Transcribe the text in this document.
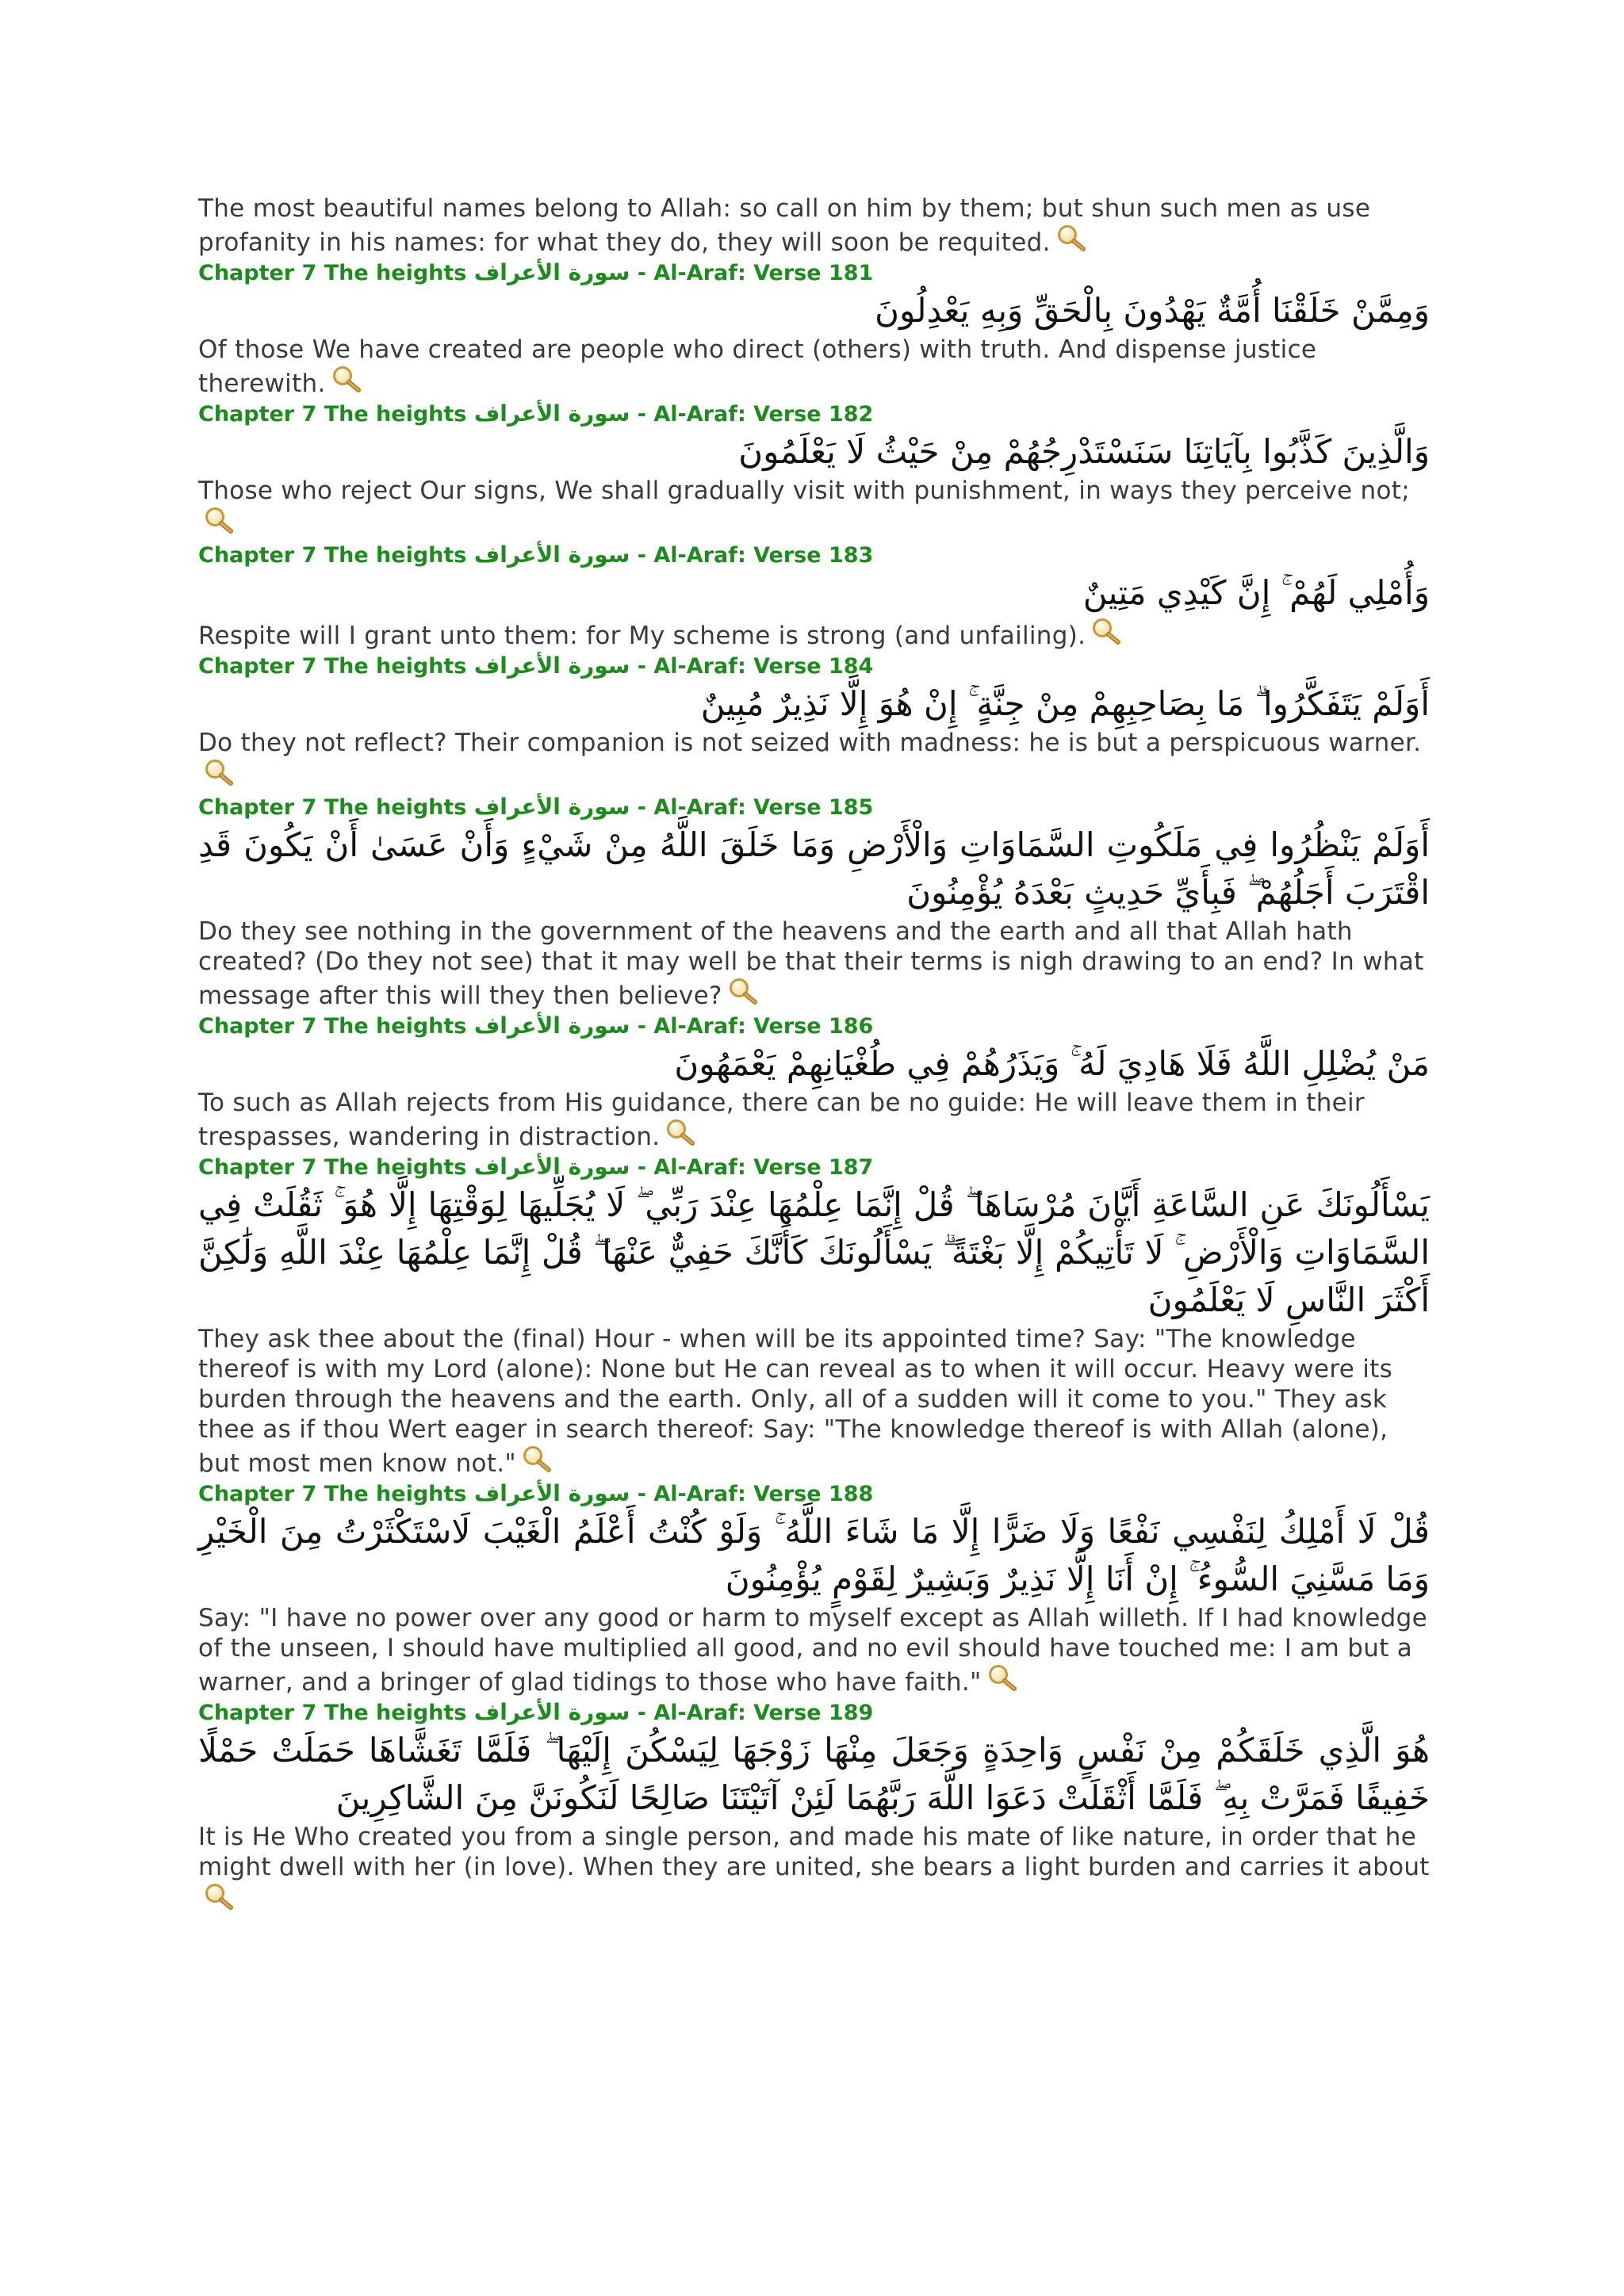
The most beautiful names belong to Allah: so call on him by them; but shun such men as use profanity in his names: for what they do, they will soon be requited.

Chapter 7 The heights سورة الأعراف - Al-Araf: Verse 181

وَمِمَّنْ خَلَقْنَا أُمَّةٌ يَهْدُونَ بِالْحَقِّ وَبِهِ يَعْدِلُونَ

Of those We have created are people who direct (others) with truth. And dispense justice therewith.

Chapter 7 The heights سورة الأعراف - Al-Araf: Verse 182

وَالَّذِينَ كَذَّبُوا بِآيَاتِنَا سَنَسْتَدْرِجُهُمْ مِنْ حَيْثُ لَا يَعْلَمُونَ

Those who reject Our signs, We shall gradually visit with punishment, in ways they perceive not;

Chapter 7 The heights سورة الأعراف - Al-Araf: Verse 183

وَأُمْلِي لَهُمْ ۚ إِنَّ كَيْدِي مَتِينٌ

Respite will I grant unto them: for My scheme is strong (and unfailing).

Chapter 7 The heights سورة الأعراف - Al-Araf: Verse 184

أَوَلَمْ يَتَفَكَّرُوا ۗ مَا بِصَاحِبِهِمْ مِنْ جِنَّةٍ ۚ إِنْ هُوَ إِلَّا نَذِيرٌ مُبِينٌ

Do they not reflect? Their companion is not seized with madness: he is but a perspicuous warner.

Chapter 7 The heights سورة الأعراف - Al-Araf: Verse 185

أَوَلَمْ يَنْظُرُوا فِي مَلَكُوتِ السَّمَاوَاتِ وَالْأَرْضِ وَمَا خَلَقَ اللَّهُ مِنْ شَيْءٍ وَأَنْ عَسَىٰ أَنْ يَكُونَ قَدِ اقْتَرَبَ أَجَلُهُمْ ۖ فَبِأَيِّ حَدِيثٍ بَعْدَهُ يُؤْمِنُونَ

Do they see nothing in the government of the heavens and the earth and all that Allah hath created? (Do they not see) that it may well be that their terms is nigh drawing to an end? In what message after this will they then believe?

Chapter 7 The heights سورة الأعراف - Al-Araf: Verse 186

مَنْ يُضْلِلِ اللَّهُ فَلَا هَادِيَ لَهُ ۚ وَيَذَرُهُمْ فِي طُغْيَانِهِمْ يَعْمَهُونَ

To such as Allah rejects from His guidance, there can be no guide: He will leave them in their trespasses, wandering in distraction.

Chapter 7 The heights سورة الأعراف - Al-Araf: Verse 187

يَسْأَلُونَكَ عَنِ السَّاعَةِ أَيَّانَ مُرْسَاهَا ۖ قُلْ إِنَّمَا عِلْمُهَا عِنْدَ رَبِّي ۖ لَا يُجَلِّيهَا لِوَقْتِهَا إِلَّا هُوَ ۚ ثَقُلَتْ فِي السَّمَاوَاتِ وَالْأَرْضِ ۚ لَا تَأْتِيكُمْ إِلَّا بَغْتَةً ۗ يَسْأَلُونَكَ كَأَنَّكَ حَفِيٌّ عَنْهَا ۖ قُلْ إِنَّمَا عِلْمُهَا عِنْدَ اللَّهِ وَلَٰكِنَّ أَكْثَرَ النَّاسِ لَا يَعْلَمُونَ

They ask thee about the (final) Hour - when will be its appointed time? Say: "The knowledge thereof is with my Lord (alone): None but He can reveal as to when it will occur. Heavy were its burden through the heavens and the earth. Only, all of a sudden will it come to you." They ask thee as if thou Wert eager in search thereof: Say: "The knowledge thereof is with Allah (alone), but most men know not."

Chapter 7 The heights سورة الأعراف - Al-Araf: Verse 188

قُلْ لَا أَمْلِكُ لِنَفْسِي نَفْعًا وَلَا ضَرًّا إِلَّا مَا شَاءَ اللَّهُ ۚ وَلَوْ كُنْتُ أَعْلَمُ الْغَيْبَ لَاسْتَكْثَرْتُ مِنَ الْخَيْرِ وَمَا مَسَّنِيَ السُّوءُ ۚ إِنْ أَنَا إِلَّا نَذِيرٌ وَبَشِيرٌ لِقَوْمٍ يُؤْمِنُونَ

Say: "I have no power over any good or harm to myself except as Allah willeth. If I had knowledge of the unseen, I should have multiplied all good, and no evil should have touched me: I am but a warner, and a bringer of glad tidings to those who have faith."

Chapter 7 The heights سورة الأعراف - Al-Araf: Verse 189

هُوَ الَّذِي خَلَقَكُمْ مِنْ نَفْسٍ وَاحِدَةٍ وَجَعَلَ مِنْهَا زَوْجَهَا لِيَسْكُنَ إِلَيْهَا ۖ فَلَمَّا تَغَشَّاهَا حَمَلَتْ حَمْلًا خَفِيفًا فَمَرَّتْ بِهِ ۖ فَلَمَّا أَثْقَلَتْ دَعَوَا اللَّهَ رَبَّهُمَا لَئِنْ آتَيْتَنَا صَالِحًا لَنَكُونَنَّ مِنَ الشَّاكِرِينَ

It is He Who created you from a single person, and made his mate of like nature, in order that he might dwell with her (in love). When they are united, she bears a light burden and carries it about
